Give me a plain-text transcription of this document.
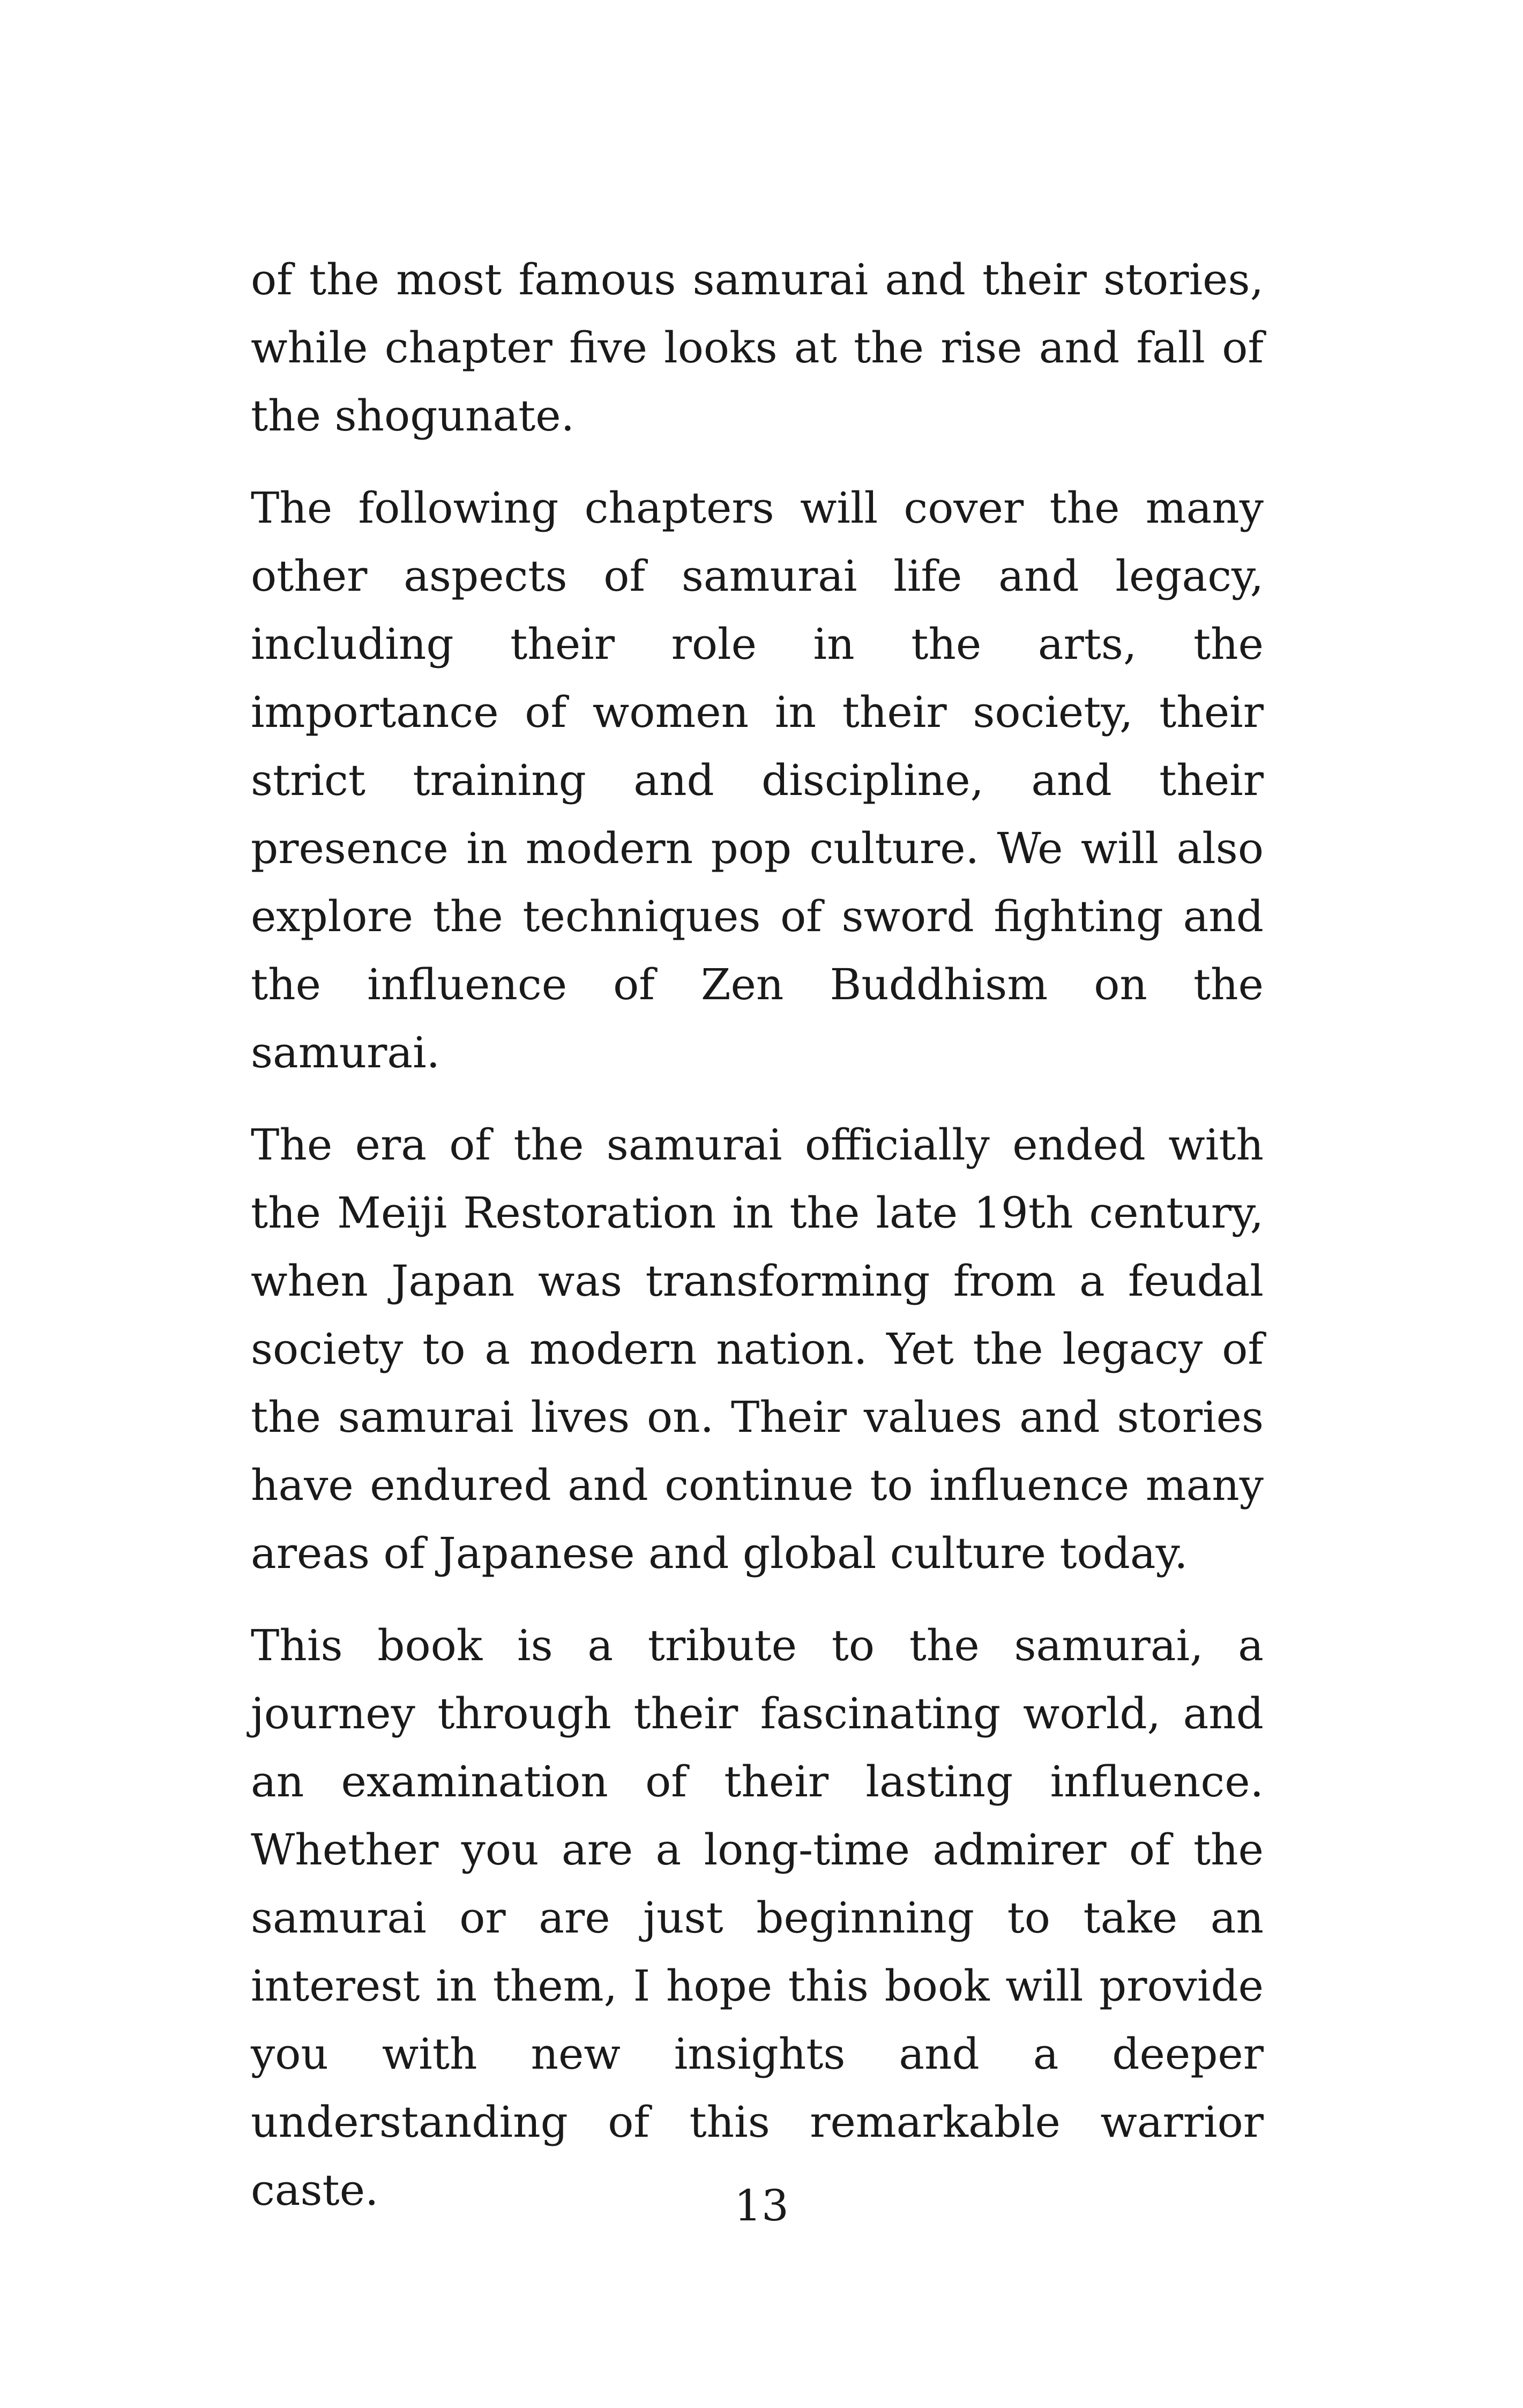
of the most famous samurai and their stories, while chapter five looks at the rise and fall of the shogunate.

The following chapters will cover the many other aspects of samurai life and legacy, including their role in the arts, the importance of women in their society, their strict training and discipline, and their presence in modern pop culture. We will also explore the techniques of sword fighting and the influence of Zen Buddhism on the samurai.

The era of the samurai officially ended with the Meiji Restoration in the late 19th century, when Japan was transforming from a feudal society to a modern nation. Yet the legacy of the samurai lives on. Their values and stories have endured and continue to influence many areas of Japanese and global culture today.

This book is a tribute to the samurai, a journey through their fascinating world, and an examination of their lasting influence. Whether you are a long-time admirer of the samurai or are just beginning to take an interest in them, I hope this book will provide you with new insights and a deeper understanding of this remarkable warrior caste.	13
